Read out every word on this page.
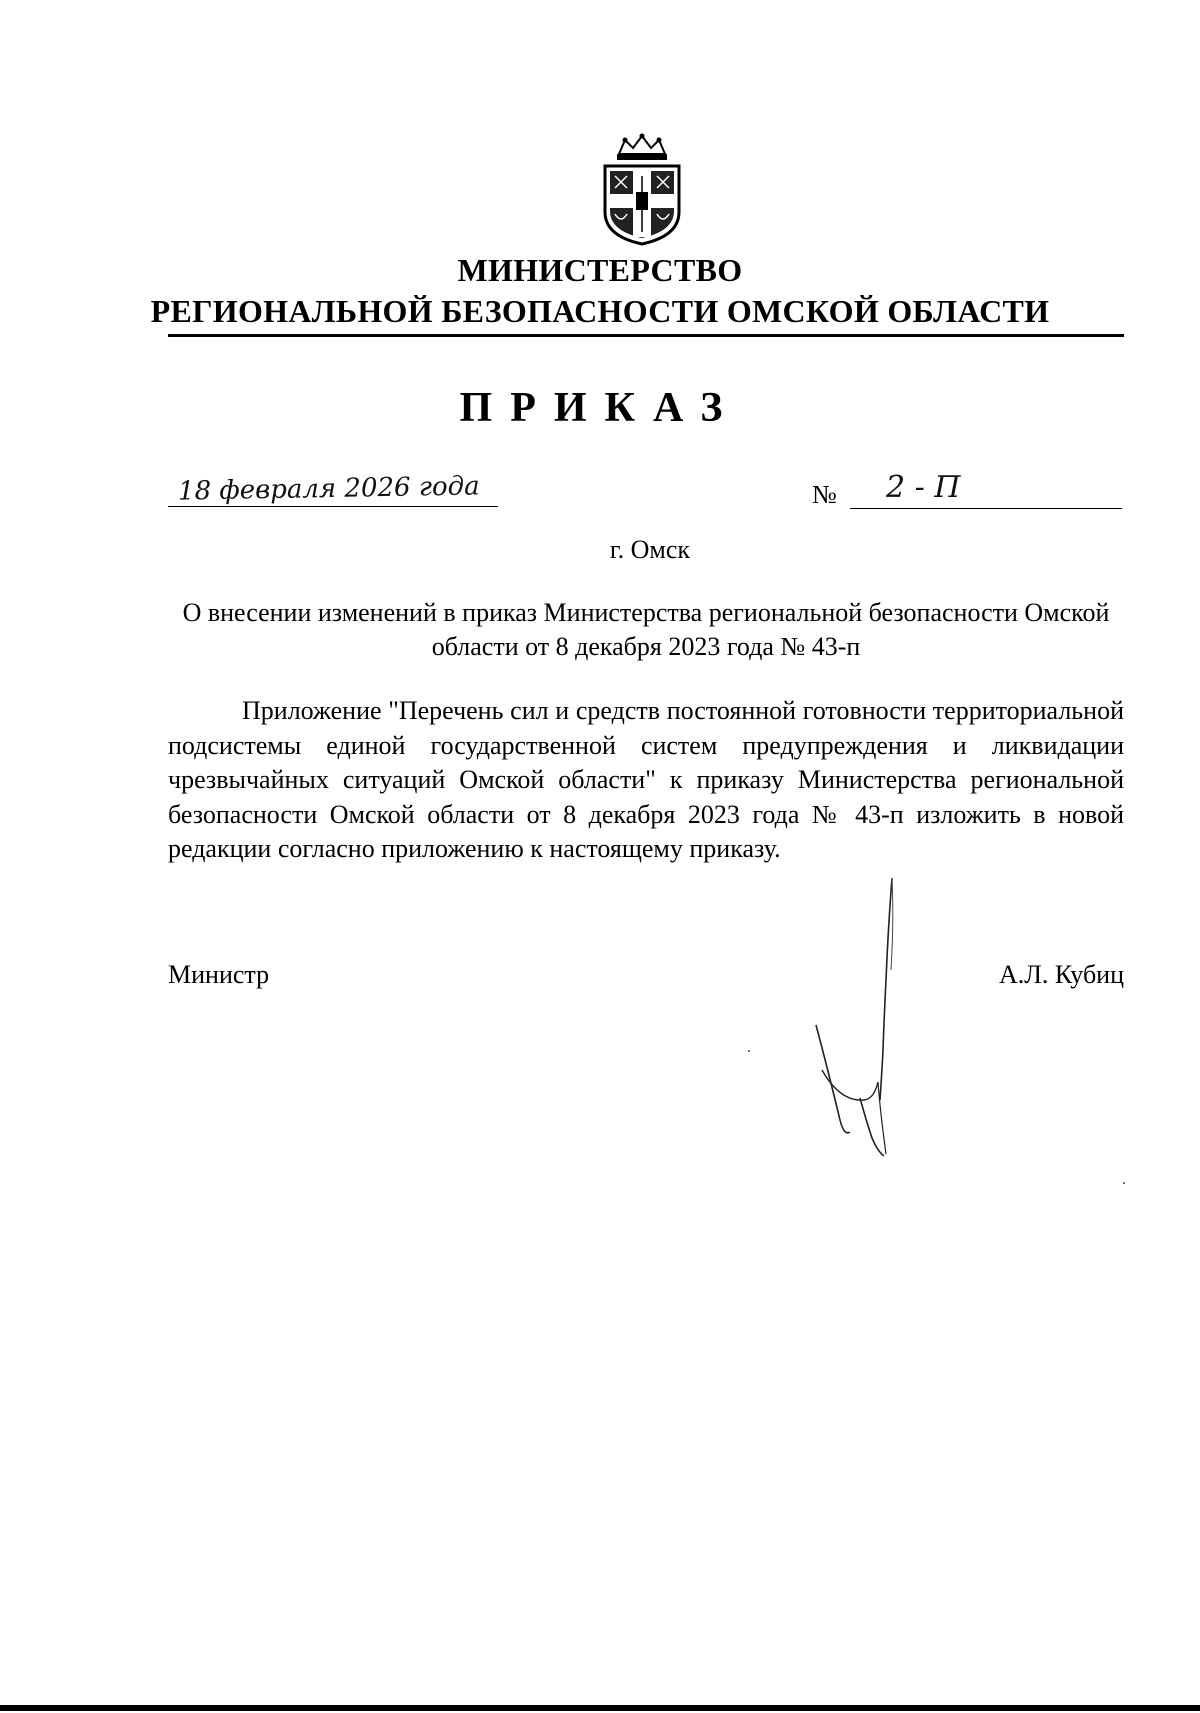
МИНИСТЕРСТВО
РЕГИОНАЛЬНОЙ БЕЗОПАСНОСТИ ОМСКОЙ ОБЛАСТИ
ПРИКАЗ
18 февраля 2026 года	№ 2 - П
г. Омск
О внесении изменений в приказ Министерства региональной безопасности Омской области от 8 декабря 2023 года № 43-п
Приложение "Перечень сил и средств постоянной готовности территориальной подсистемы единой государственной систем предупреждения и ликвидации чрезвычайных ситуаций Омской области" к приказу Министерства региональной безопасности Омской области от 8 декабря 2023 года № 43-п изложить в новой редакции согласно приложению к настоящему приказу.
Министр	А.Л. Кубиц
